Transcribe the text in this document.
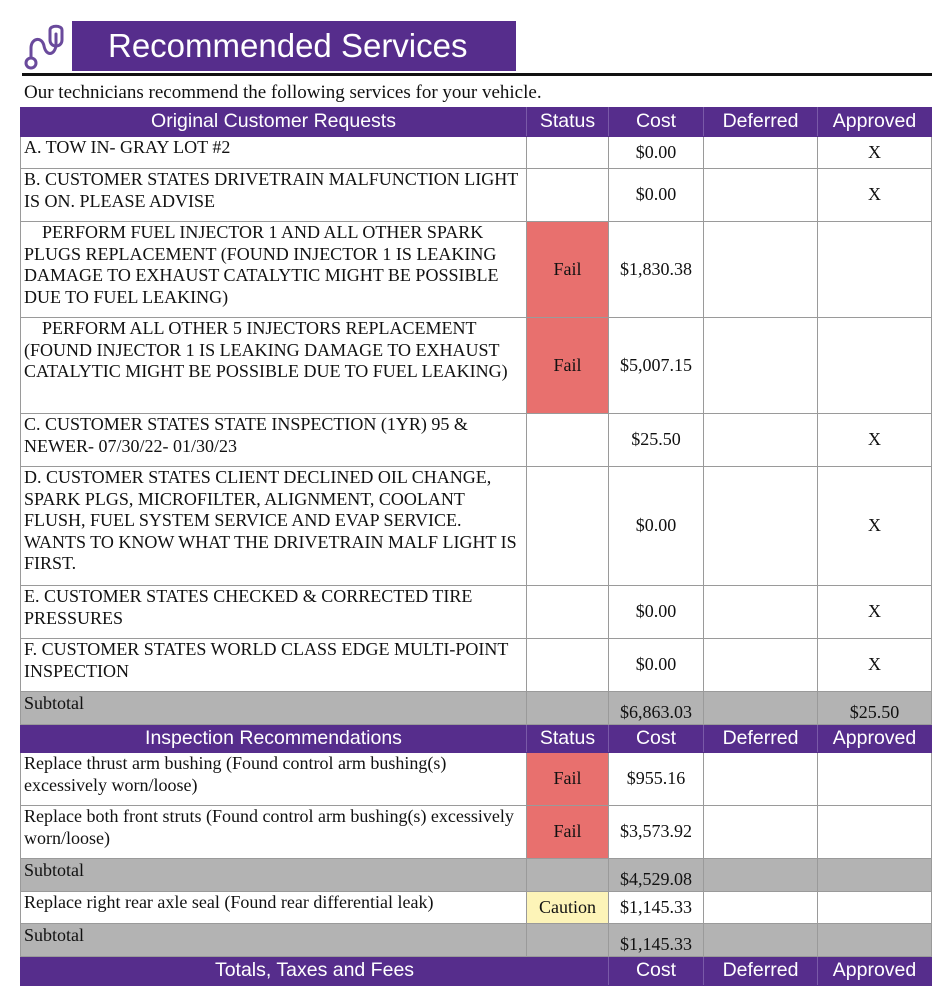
Recommended Services
Our technicians recommend the following services for your vehicle.
Original Customer Requests	Status	Cost	Deferred	Approved
A. TOW IN- GRAY LOT #2		$0.00		X
B. CUSTOMER STATES DRIVETRAIN MALFUNCTION LIGHT IS ON. PLEASE ADVISE		$0.00		X

PERFORM FUEL INJECTOR 1 AND ALL OTHER SPARK PLUGS REPLACEMENT (FOUND INJECTOR 1 IS LEAKING DAMAGE TO EXHAUST CATALYTIC MIGHT BE POSSIBLE DUE TO FUEL LEAKING)	Fail	$1,830.38		

PERFORM ALL OTHER 5 INJECTORS REPLACEMENT (FOUND INJECTOR 1 IS LEAKING DAMAGE TO EXHAUST CATALYTIC MIGHT BE POSSIBLE DUE TO FUEL LEAKING)	Fail	$5,007.15		
C. CUSTOMER STATES STATE INSPECTION (1YR) 95 & NEWER- 07/30/22- 01/30/23		$25.50		X
D. CUSTOMER STATES CLIENT DECLINED OIL CHANGE, SPARK PLGS, MICROFILTER, ALIGNMENT, COOLANT FLUSH, FUEL SYSTEM SERVICE AND EVAP SERVICE. WANTS TO KNOW WHAT THE DRIVETRAIN MALF LIGHT IS FIRST.		$0.00		X
E. CUSTOMER STATES CHECKED & CORRECTED TIRE PRESSURES		$0.00		X
F. CUSTOMER STATES WORLD CLASS EDGE MULTI-POINT INSPECTION		$0.00		X
Subtotal		$6,863.03		$25.50
Inspection Recommendations	Status	Cost	Deferred	Approved
Replace thrust arm bushing (Found control arm bushing(s) excessively worn/loose)	Fail	$955.16		
Replace both front struts (Found control arm bushing(s) excessively worn/loose)	Fail	$3,573.92		
Subtotal		$4,529.08		
Replace right rear axle seal (Found rear differential leak)	Caution	$1,145.33		
Subtotal		$1,145.33		
Totals, Taxes and Fees		Cost	Deferred	Approved
